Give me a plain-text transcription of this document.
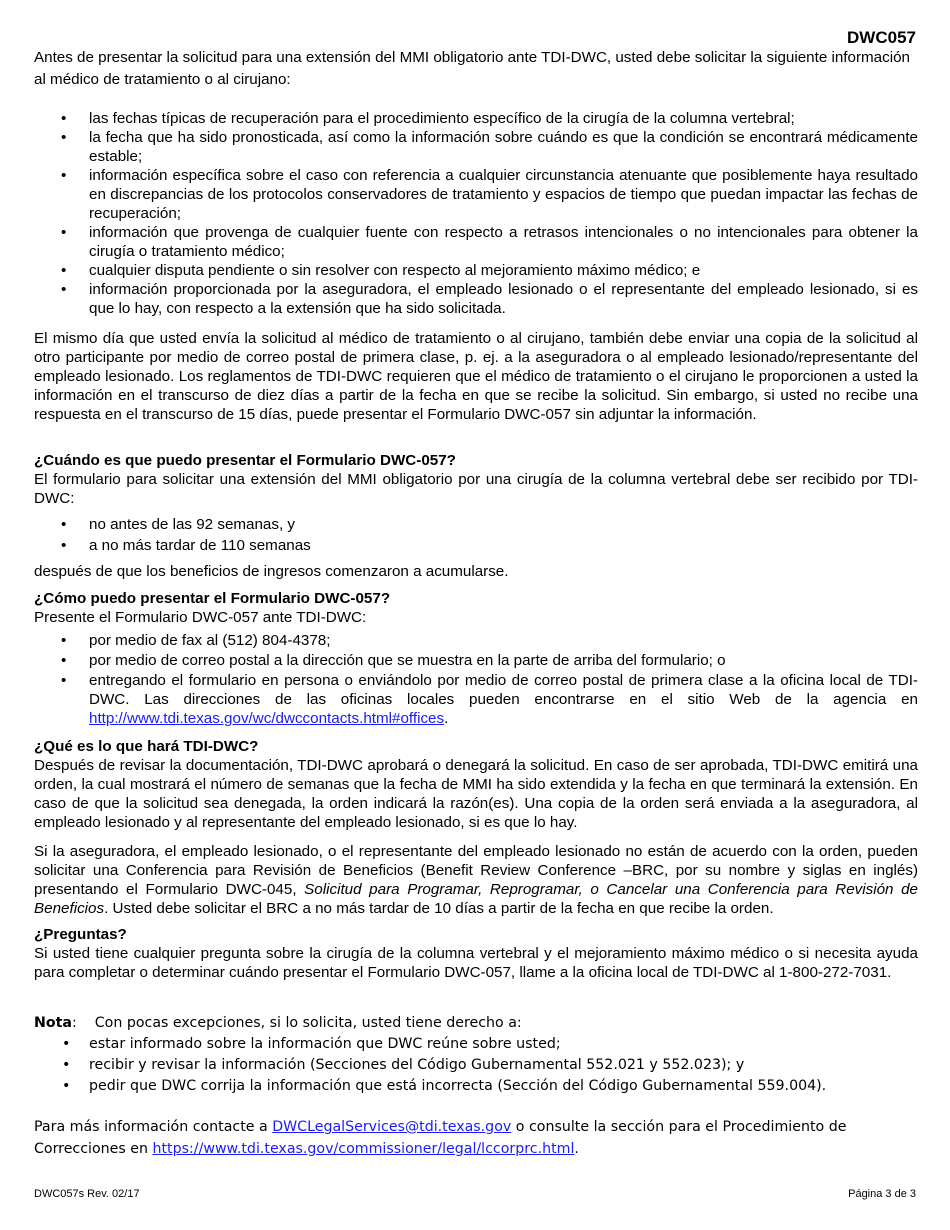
DWC057

Antes de presentar la solicitud para una extensión del MMI obligatorio ante TDI-DWC, usted debe solicitar la siguiente información al médico de tratamiento o al cirujano:

• las fechas típicas de recuperación para el procedimiento específico de la cirugía de la columna vertebral;
• la fecha que ha sido pronosticada, así como la información sobre cuándo es que la condición se encontrará médicamente estable;
• información específica sobre el caso con referencia a cualquier circunstancia atenuante que posiblemente haya resultado en discrepancias de los protocolos conservadores de tratamiento y espacios de tiempo que puedan impactar las fechas de recuperación;
• información que provenga de cualquier fuente con respecto a retrasos intencionales o no intencionales para obtener la cirugía o tratamiento médico;
• cualquier disputa pendiente o sin resolver con respecto al mejoramiento máximo médico; e
• información proporcionada por la aseguradora, el empleado lesionado o el representante del empleado lesionado, si es que lo hay, con respecto a la extensión que ha sido solicitada.

El mismo día que usted envía la solicitud al médico de tratamiento o al cirujano, también debe enviar una copia de la solicitud al otro participante por medio de correo postal de primera clase, p. ej. a la aseguradora o al empleado lesionado/representante del empleado lesionado. Los reglamentos de TDI-DWC requieren que el médico de tratamiento o el cirujano le proporcionen a usted la información en el transcurso de diez días a partir de la fecha en que se recibe la solicitud. Sin embargo, si usted no recibe una respuesta en el transcurso de 15 días, puede presentar el Formulario DWC-057 sin adjuntar la información.

¿Cuándo es que puedo presentar el Formulario DWC-057?

El formulario para solicitar una extensión del MMI obligatorio por una cirugía de la columna vertebral debe ser recibido por TDI-DWC:

• no antes de las 92 semanas, y
• a no más tardar de 110 semanas

después de que los beneficios de ingresos comenzaron a acumularse.

¿Cómo puedo presentar el Formulario DWC-057?

Presente el Formulario DWC-057 ante TDI-DWC:

• por medio de fax al (512) 804-4378;
• por medio de correo postal a la dirección que se muestra en la parte de arriba del formulario; o
• entregando el formulario en persona o enviándolo por medio de correo postal de primera clase a la oficina local de TDI-DWC. Las direcciones de las oficinas locales pueden encontrarse en el sitio Web de la agencia en http://www.tdi.texas.gov/wc/dwccontacts.html#offices.
¿Qué es lo que hará TDI-DWC?

Después de revisar la documentación, TDI-DWC aprobará o denegará la solicitud. En caso de ser aprobada, TDI-DWC emitirá una orden, la cual mostrará el número de semanas que la fecha de MMI ha sido extendida y la fecha en que terminará la extensión. En caso de que la solicitud sea denegada, la orden indicará la razón(es). Una copia de la orden será enviada a la aseguradora, al empleado lesionado y al representante del empleado lesionado, si es que lo hay.

Si la aseguradora, el empleado lesionado, o el representante del empleado lesionado no están de acuerdo con la orden, pueden solicitar una Conferencia para Revisión de Beneficios (Benefit Review Conference –BRC, por su nombre y siglas en inglés) presentando el Formulario DWC-045, Solicitud para Programar, Reprogramar, o Cancelar una Conferencia para Revisión de Beneficios. Usted debe solicitar el BRC a no más tardar de 10 días a partir de la fecha en que recibe la orden.

¿Preguntas?

Si usted tiene cualquier pregunta sobre la cirugía de la columna vertebral y el mejoramiento máximo médico o si necesita ayuda para completar o determinar cuándo presentar el Formulario DWC-057, llame a la oficina local de TDI-DWC al 1-800-272-7031.

Nota: Con pocas excepciones, si lo solicita, usted tiene derecho a:
• estar informado sobre la información que DWC reúne sobre usted;
• recibir y revisar la información (Secciones del Código Gubernamental 552.021 y 552.023); y
• pedir que DWC corrija la información que está incorrecta (Sección del Código Gubernamental 559.004).
Para más información contacte a DWCLegalServices@tdi.texas.gov o consulte la sección para el Procedimiento de Correcciones en https://www.tdi.texas.gov/commissioner/legal/lccorprc.html.
DWC057s Rev. 02/17	Página 3 de 3
